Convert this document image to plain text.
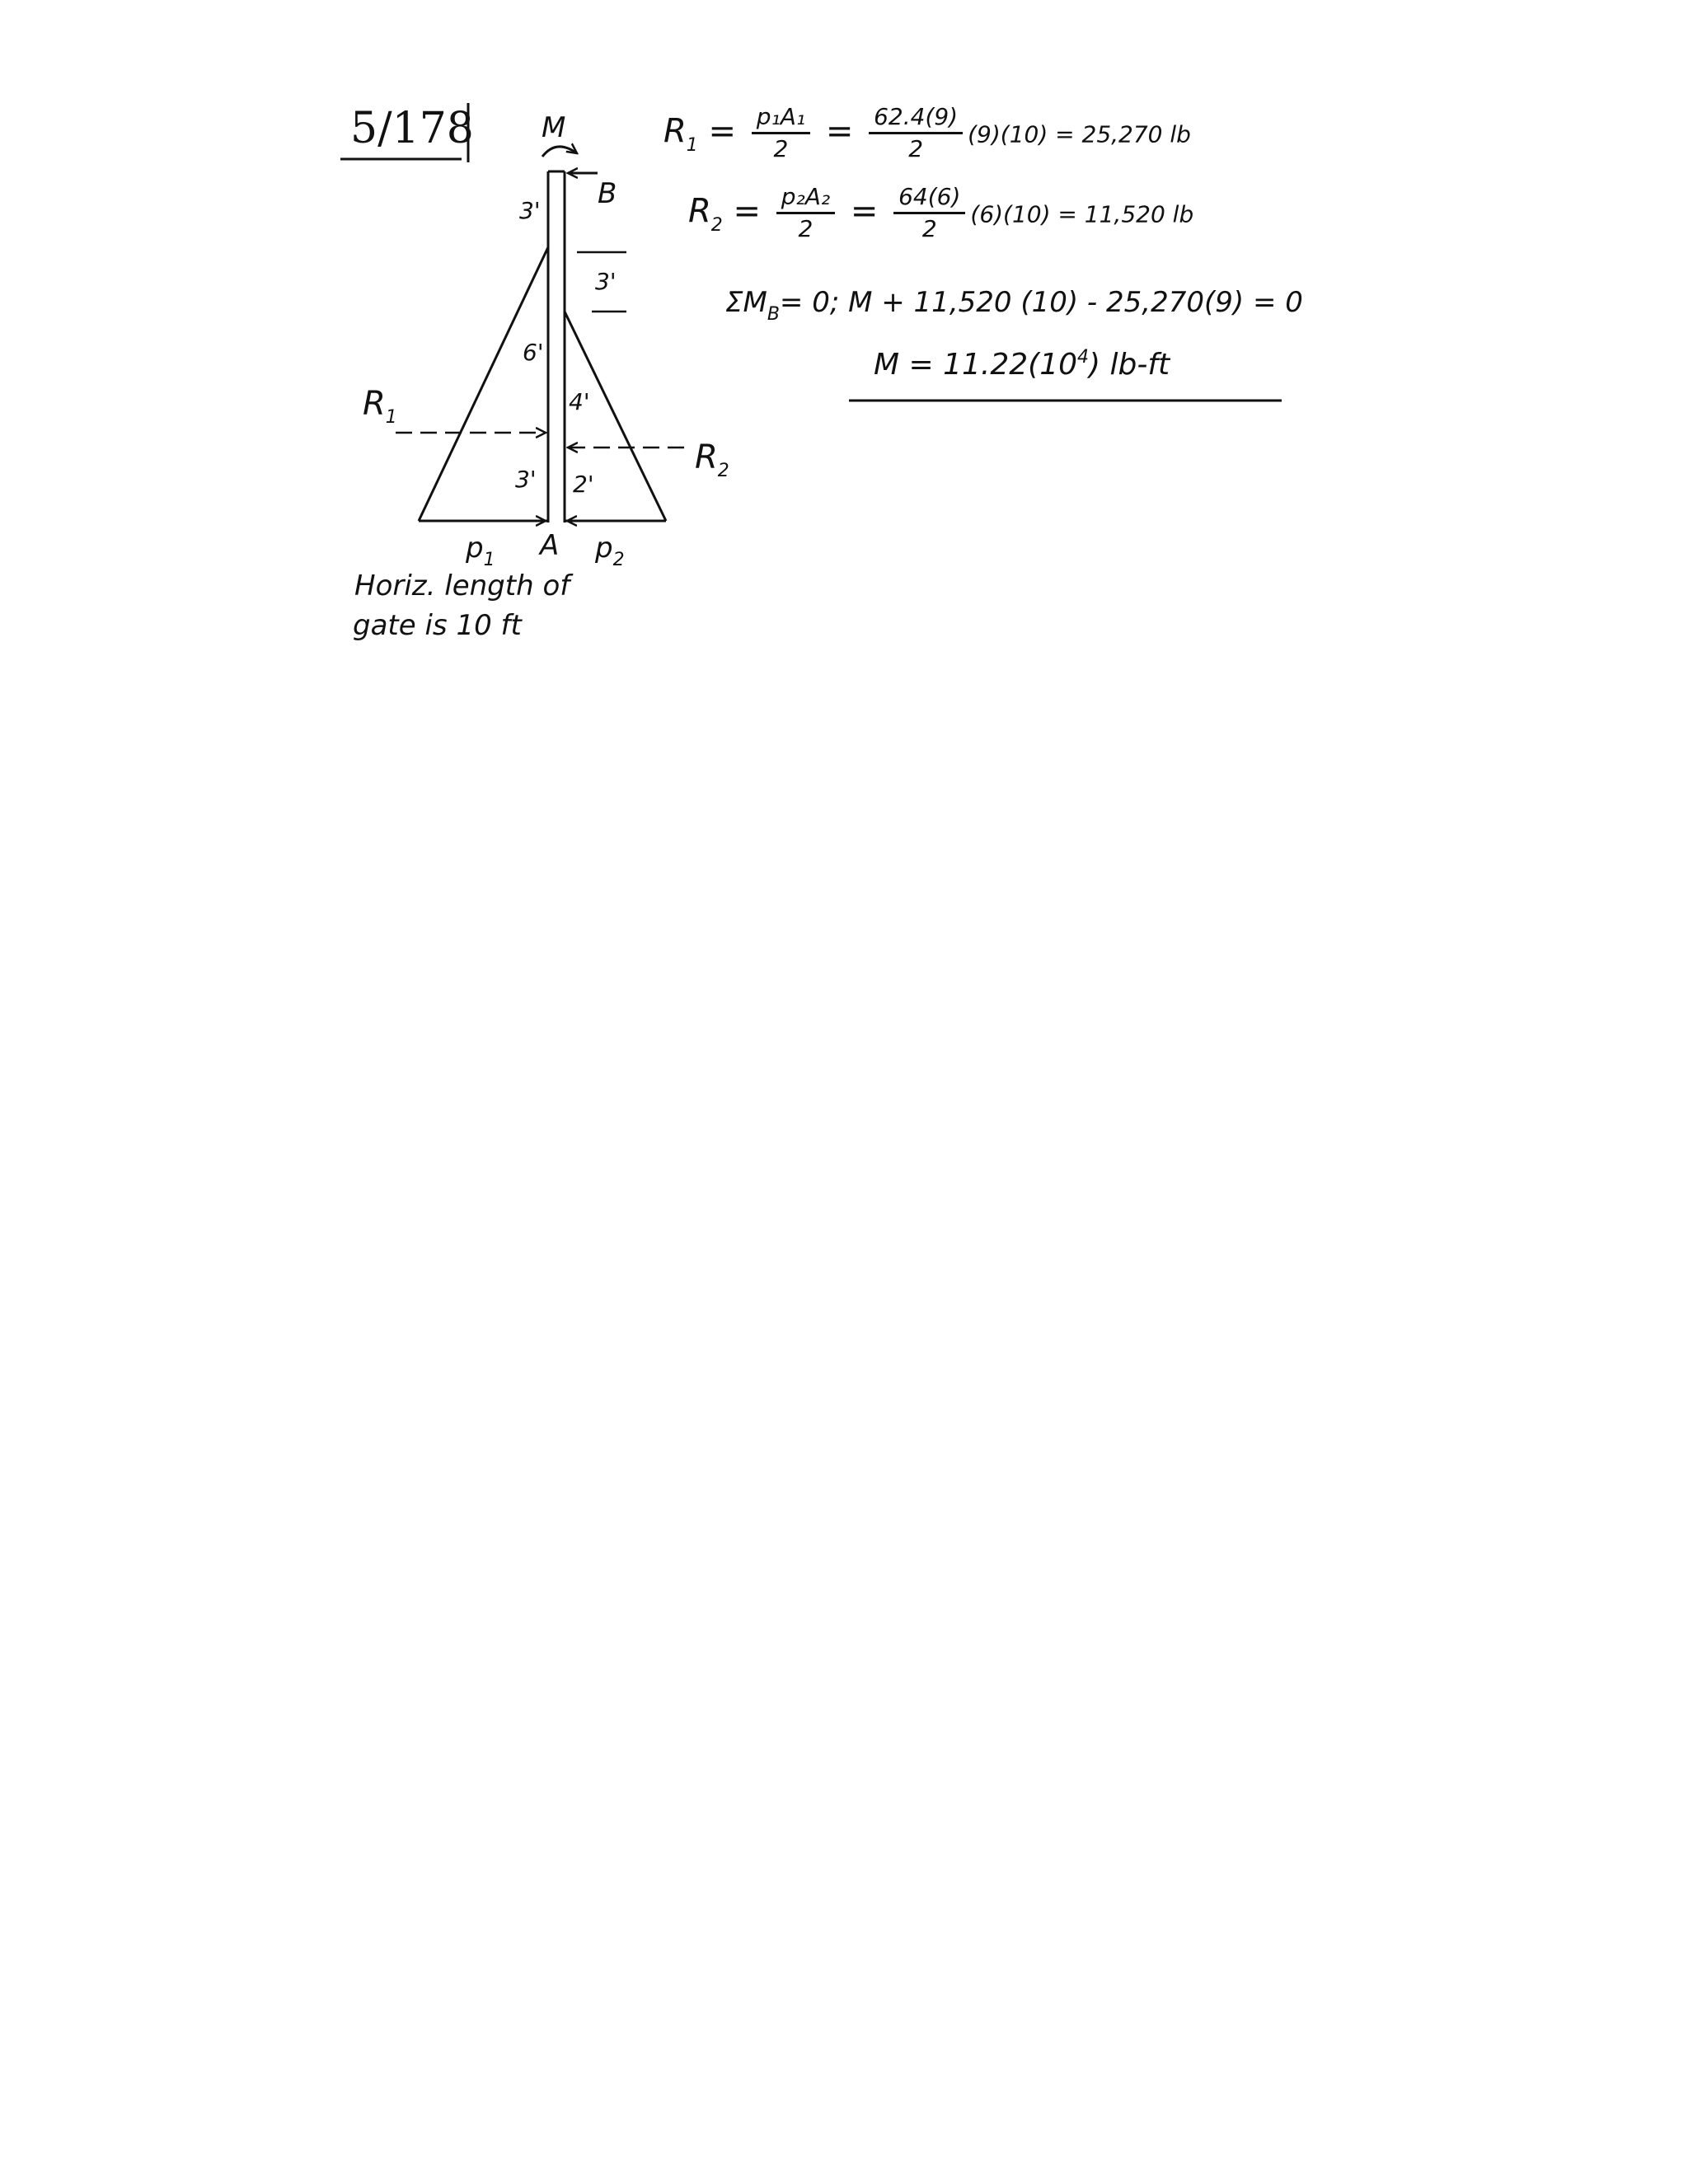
5/178 M
B
3'
3'
6'
4'
3' 2'
$R_1$
$R_2$
$p_1$ A $p_2$
Horiz. length of
gate is 10 ft
$R_1 = \frac{\text{p₁A₁}}{2} = \frac{62.4(9)}{2} (9)(10) = 25,270$ lb
$R_2 = \frac{\text{p₂A₂}}{2} = \frac{64(6)}{2} (6)(10) = 11,520$ lb
$\Sigma M_B= 0$; M + 11,520 (10) - 25,270(9) = 0
$M = 11.22(10^4)$ lb-ft
